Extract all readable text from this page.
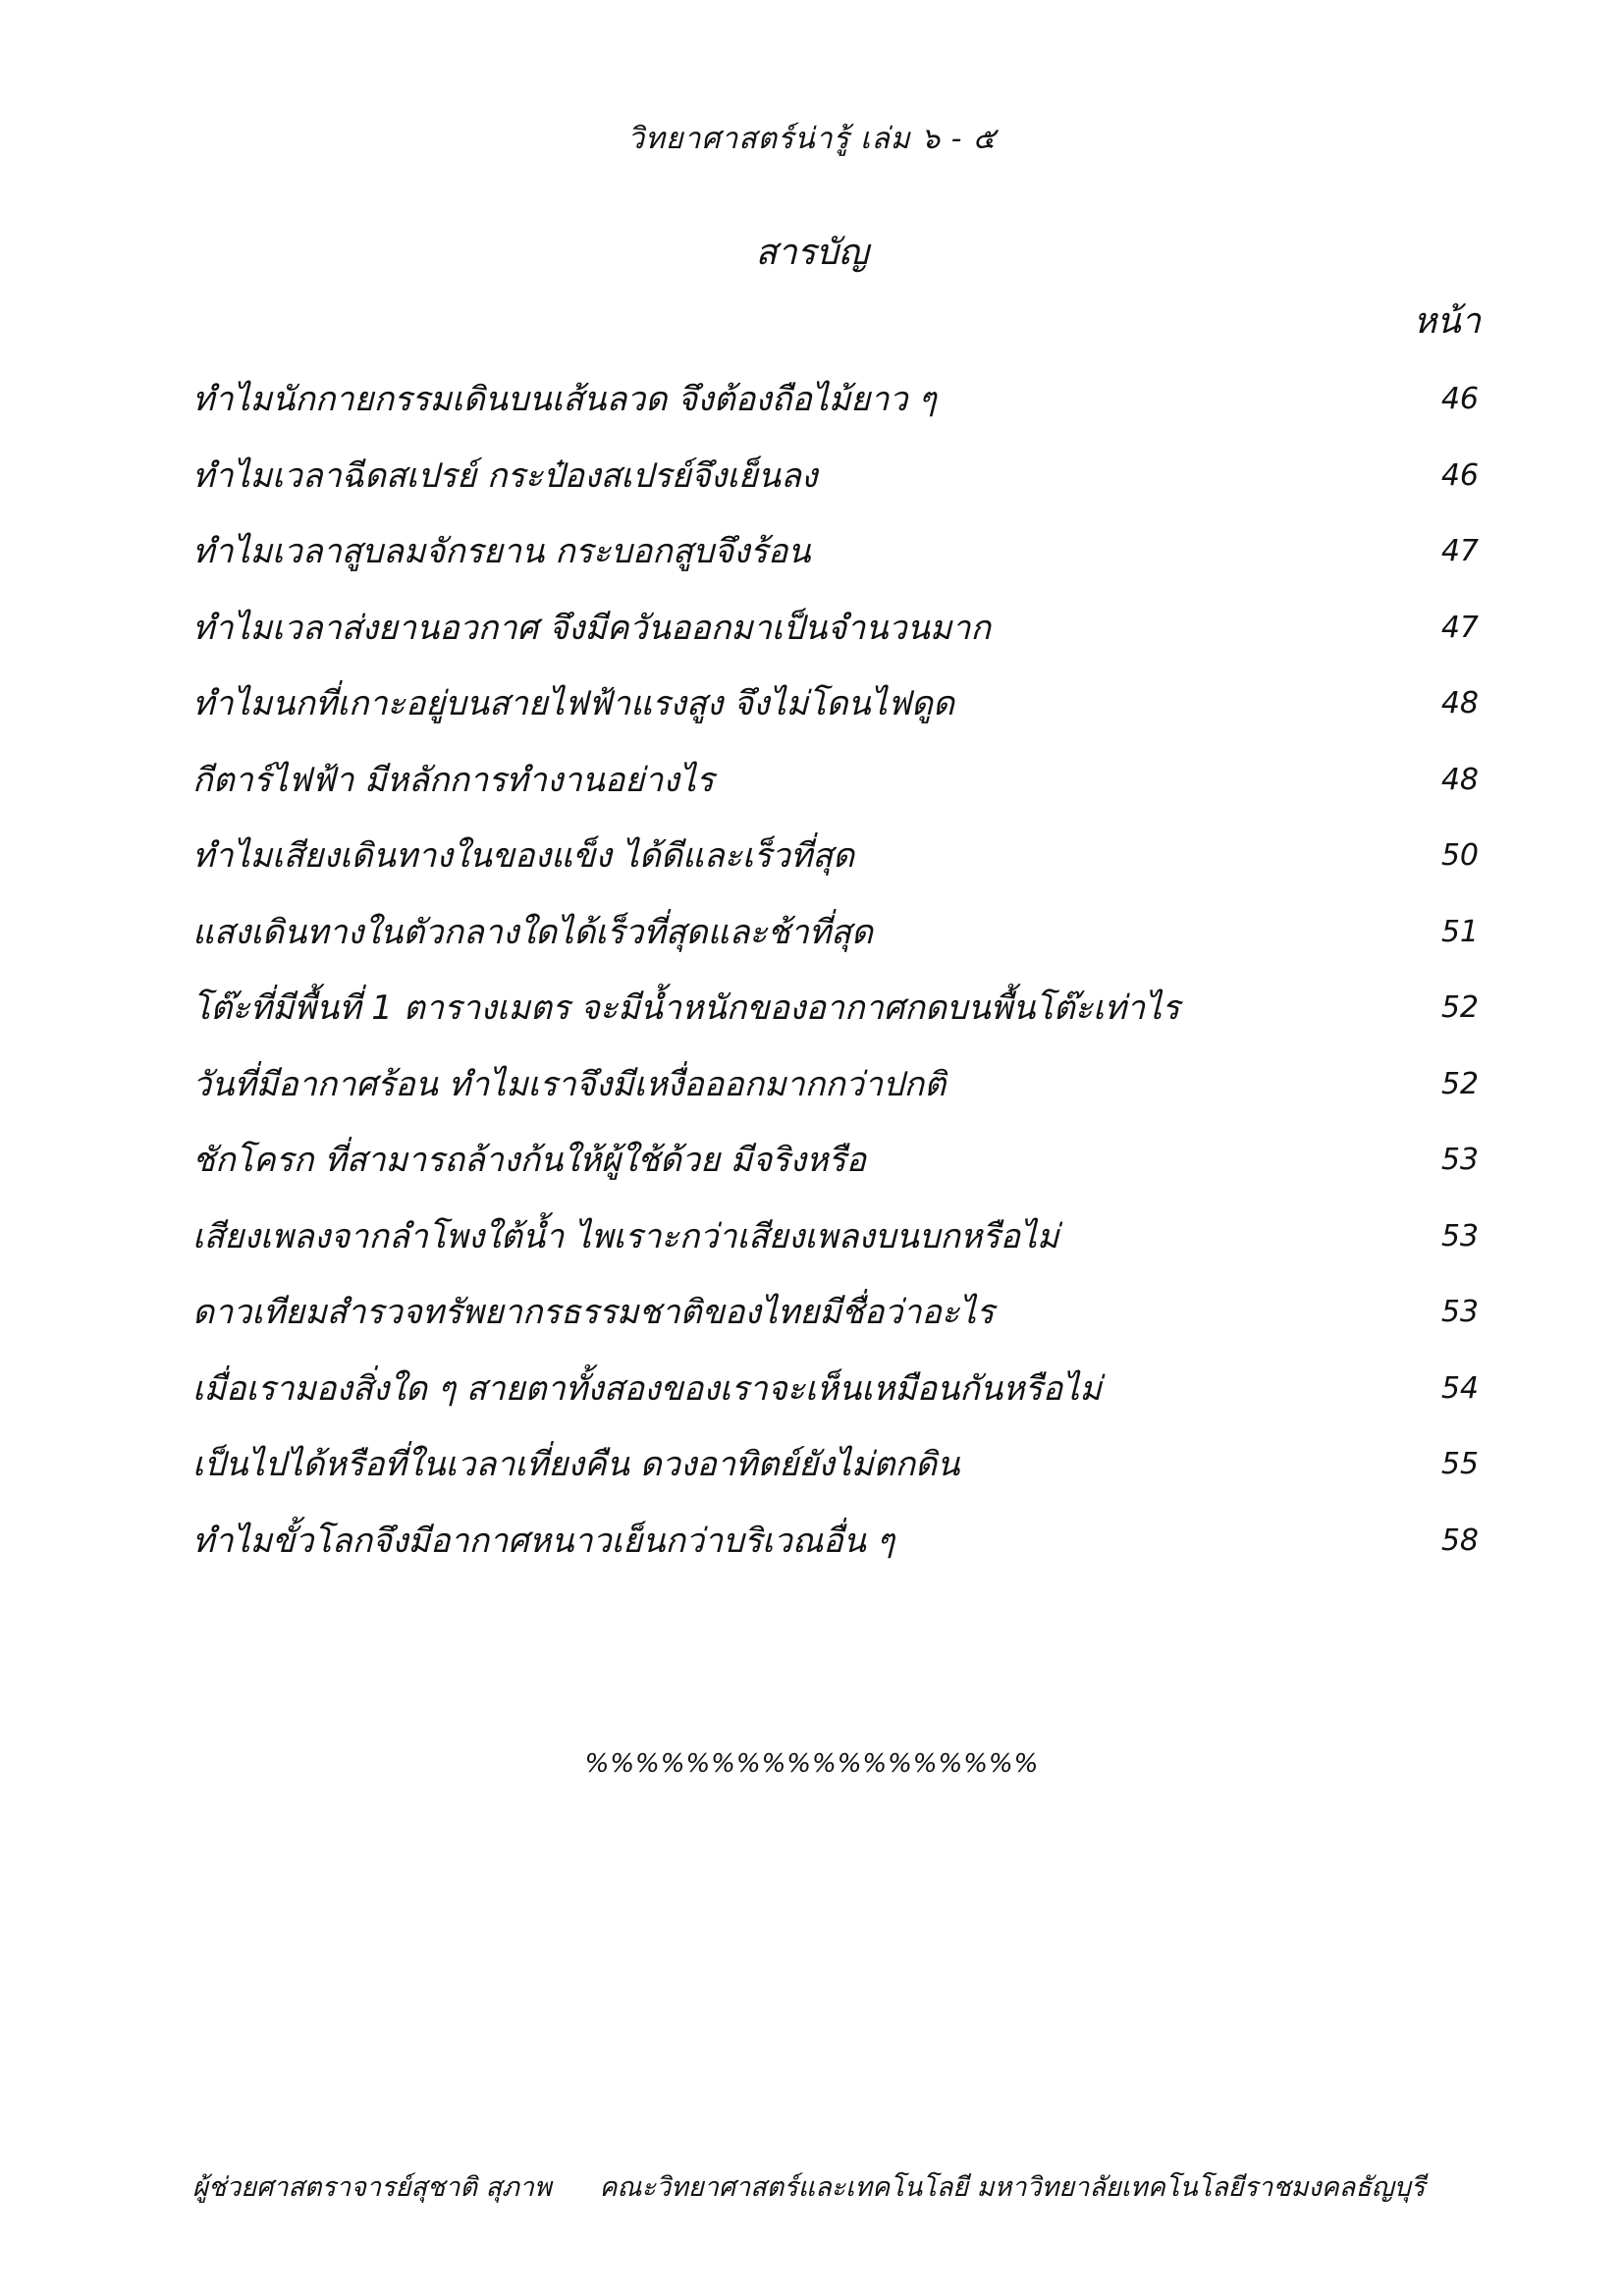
วิทยาศาสตร์น่ารู้ เล่ม ๖ - ๕
สารบัญ
หน้า
ทำไมนักกายกรรมเดินบนเส้นลวด จึงต้องถือไม้ยาว ๆ	46
ทำไมเวลาฉีดสเปรย์ กระป๋องสเปรย์จึงเย็นลง	46
ทำไมเวลาสูบลมจักรยาน กระบอกสูบจึงร้อน	47
ทำไมเวลาส่งยานอวกาศ จึงมีควันออกมาเป็นจำนวนมาก	47
ทำไมนกที่เกาะอยู่บนสายไฟฟ้าแรงสูง จึงไม่โดนไฟดูด	48
กีตาร์ไฟฟ้า มีหลักการทำงานอย่างไร	48
ทำไมเสียงเดินทางในของแข็ง ได้ดีและเร็วที่สุด	50
แสงเดินทางในตัวกลางใดได้เร็วที่สุดและช้าที่สุด	51
โต๊ะที่มีพื้นที่ 1 ตารางเมตร จะมีน้ำหนักของอากาศกดบนพื้นโต๊ะเท่าไร	52
วันที่มีอากาศร้อน ทำไมเราจึงมีเหงื่อออกมากกว่าปกติ	52
ชักโครก ที่สามารถล้างก้นให้ผู้ใช้ด้วย มีจริงหรือ	53
เสียงเพลงจากลำโพงใต้น้ำ ไพเราะกว่าเสียงเพลงบนบกหรือไม่	53
ดาวเทียมสำรวจทรัพยากรธรรมชาติของไทยมีชื่อว่าอะไร	53
เมื่อเรามองสิ่งใด ๆ สายตาทั้งสองของเราจะเห็นเหมือนกันหรือไม่	54
เป็นไปได้หรือที่ในเวลาเที่ยงคืน ดวงอาทิตย์ยังไม่ตกดิน	55
ทำไมขั้วโลกจึงมีอากาศหนาวเย็นกว่าบริเวณอื่น ๆ	58
%%%%%%%%%%%%%%%%%%
ผู้ช่วยศาสตราจารย์สุชาติ สุภาพ คณะวิทยาศาสตร์และเทคโนโลยี มหาวิทยาลัยเทคโนโลยีราชมงคลธัญบุรี
